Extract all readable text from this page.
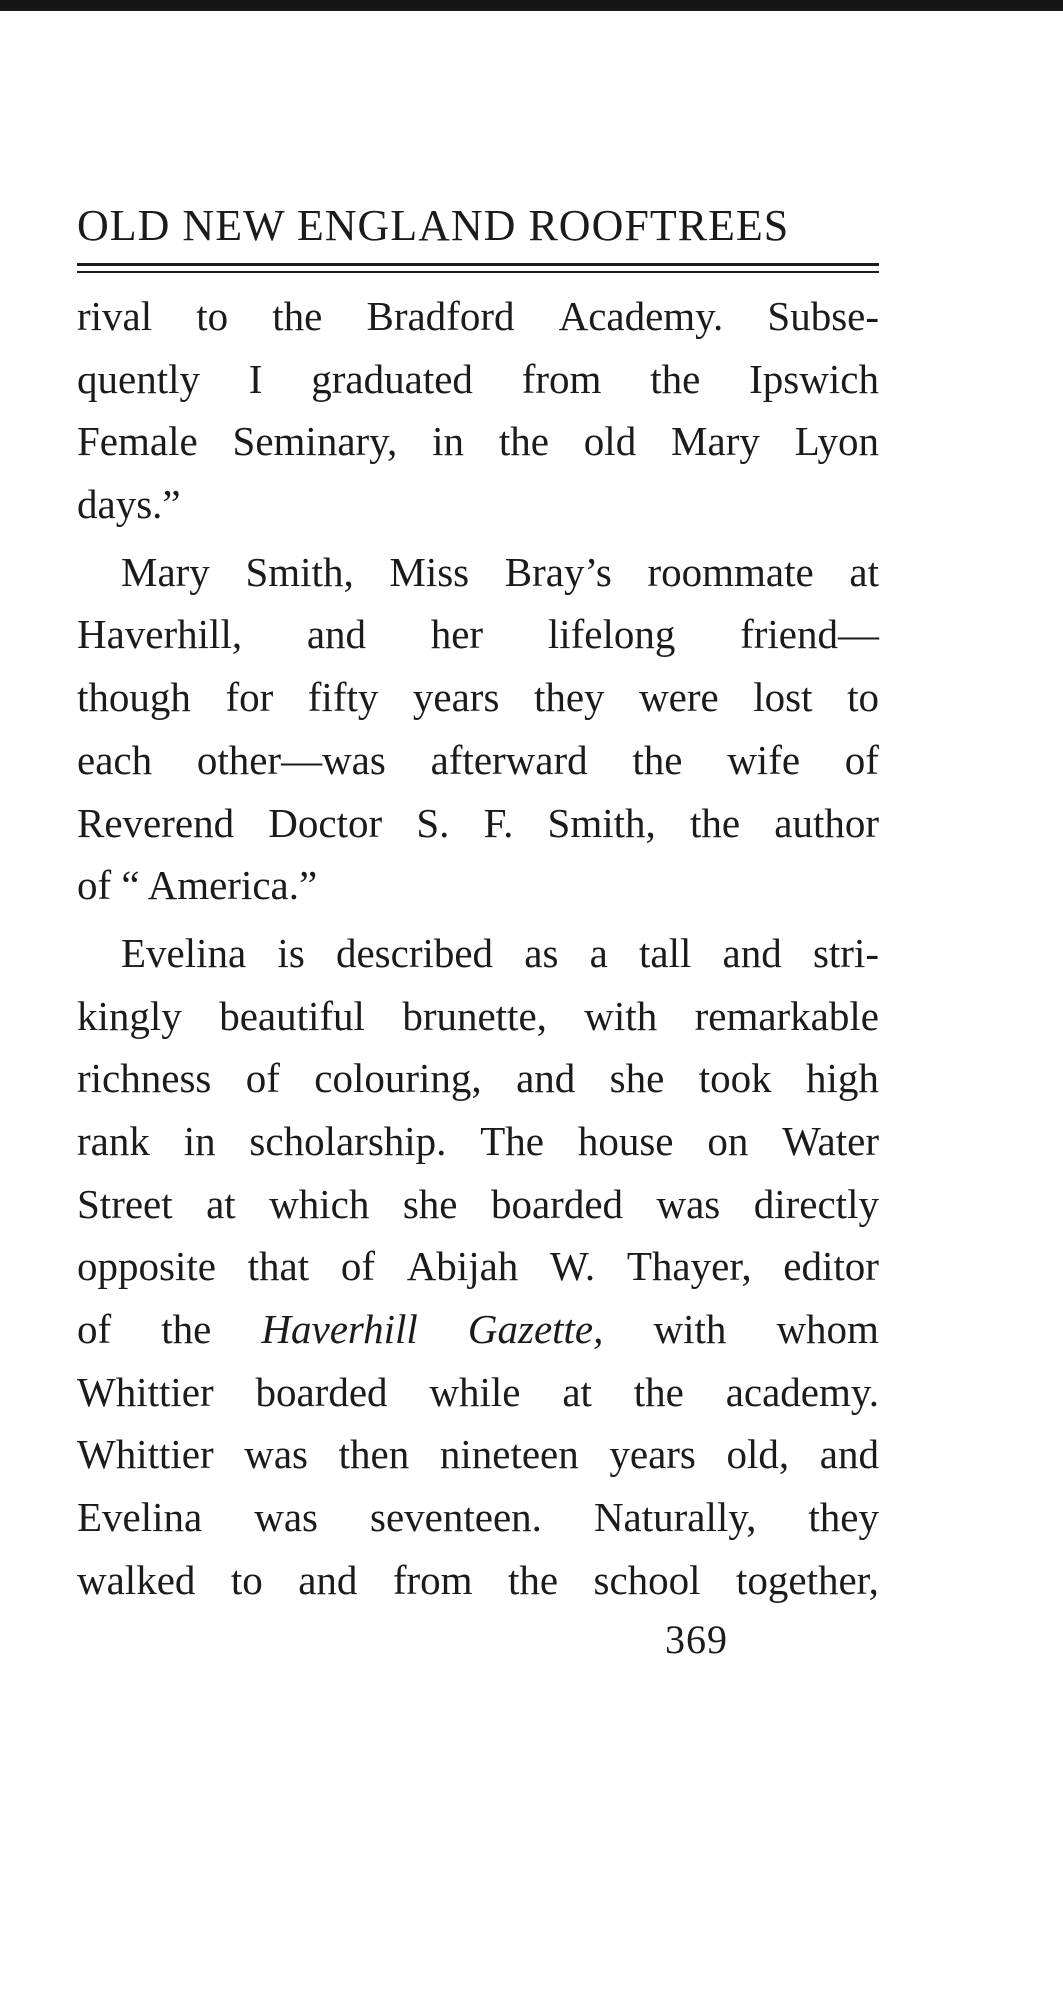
OLD NEW ENGLAND ROOFTREES
rival to the Bradford Academy. Subse-
quently I graduated from the Ipswich
Female Seminary, in the old Mary Lyon
days.”
Mary Smith, Miss Bray’s roommate at
Haverhill, and her lifelong friend—
though for fifty years they were lost to
each other—was afterward the wife of
Reverend Doctor S. F. Smith, the author
of “ America.”
Evelina is described as a tall and stri-
kingly beautiful brunette, with remarkable
richness of colouring, and she took high
rank in scholarship. The house on Water
Street at which she boarded was directly
opposite that of Abijah W. Thayer, editor
of the Haverhill Gazette, with whom
Whittier boarded while at the academy.
Whittier was then nineteen years old, and
Evelina was seventeen. Naturally, they
walked to and from the school together,
369
